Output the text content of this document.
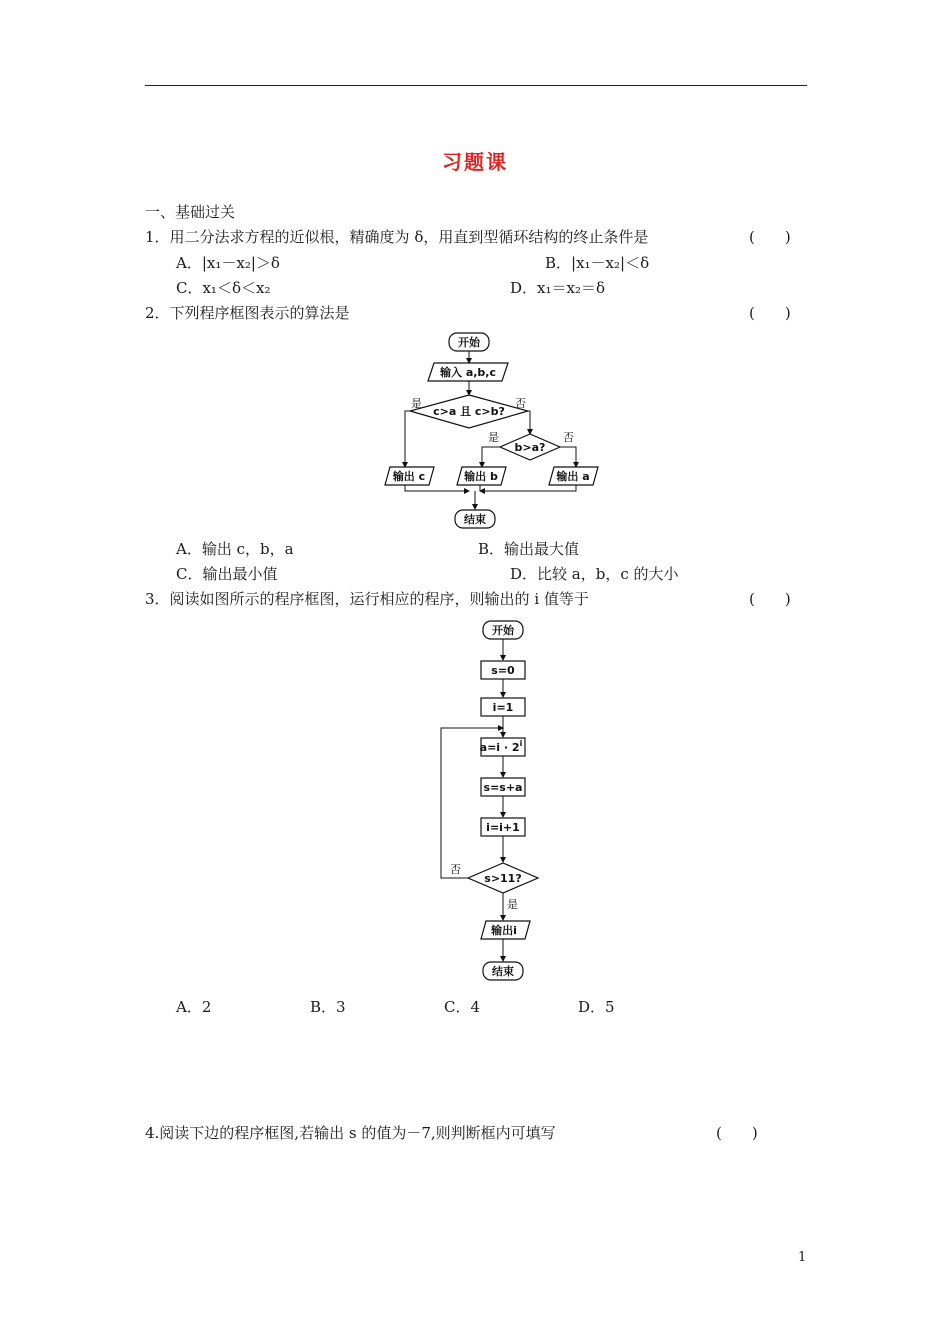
习题课
一、基础过关
1．用二分法求方程的近似根，精确度为 δ，用直到型循环结构的终止条件是	(　　)
A．|x₁－x₂|＞δ	B．|x₁－x₂|＜δ
C．x₁＜δ＜x₂	D．x₁＝x₂＝δ
2．下列程序框图表示的算法是	(　　)
开始
输入 a,b,c
c>a 且 c>b?
是	否
b>a?
是	否
输出 c	输出 b	输出 a
结束
A．输出 c，b，a	B．输出最大值
C．输出最小值	D．比较 a，b，c 的大小
3．阅读如图所示的程序框图，运行相应的程序，则输出的 i 值等于	(　　)
开始
s=0
i=1
$a=i \cdot 2^i$
s=s+a
i=i+1
s>11?
否
是
输出i
结束
A．2	B．3	C．4	D．5
4.阅读下边的程序框图,若输出 s 的值为－7,则判断框内可填写	(　　)
1
